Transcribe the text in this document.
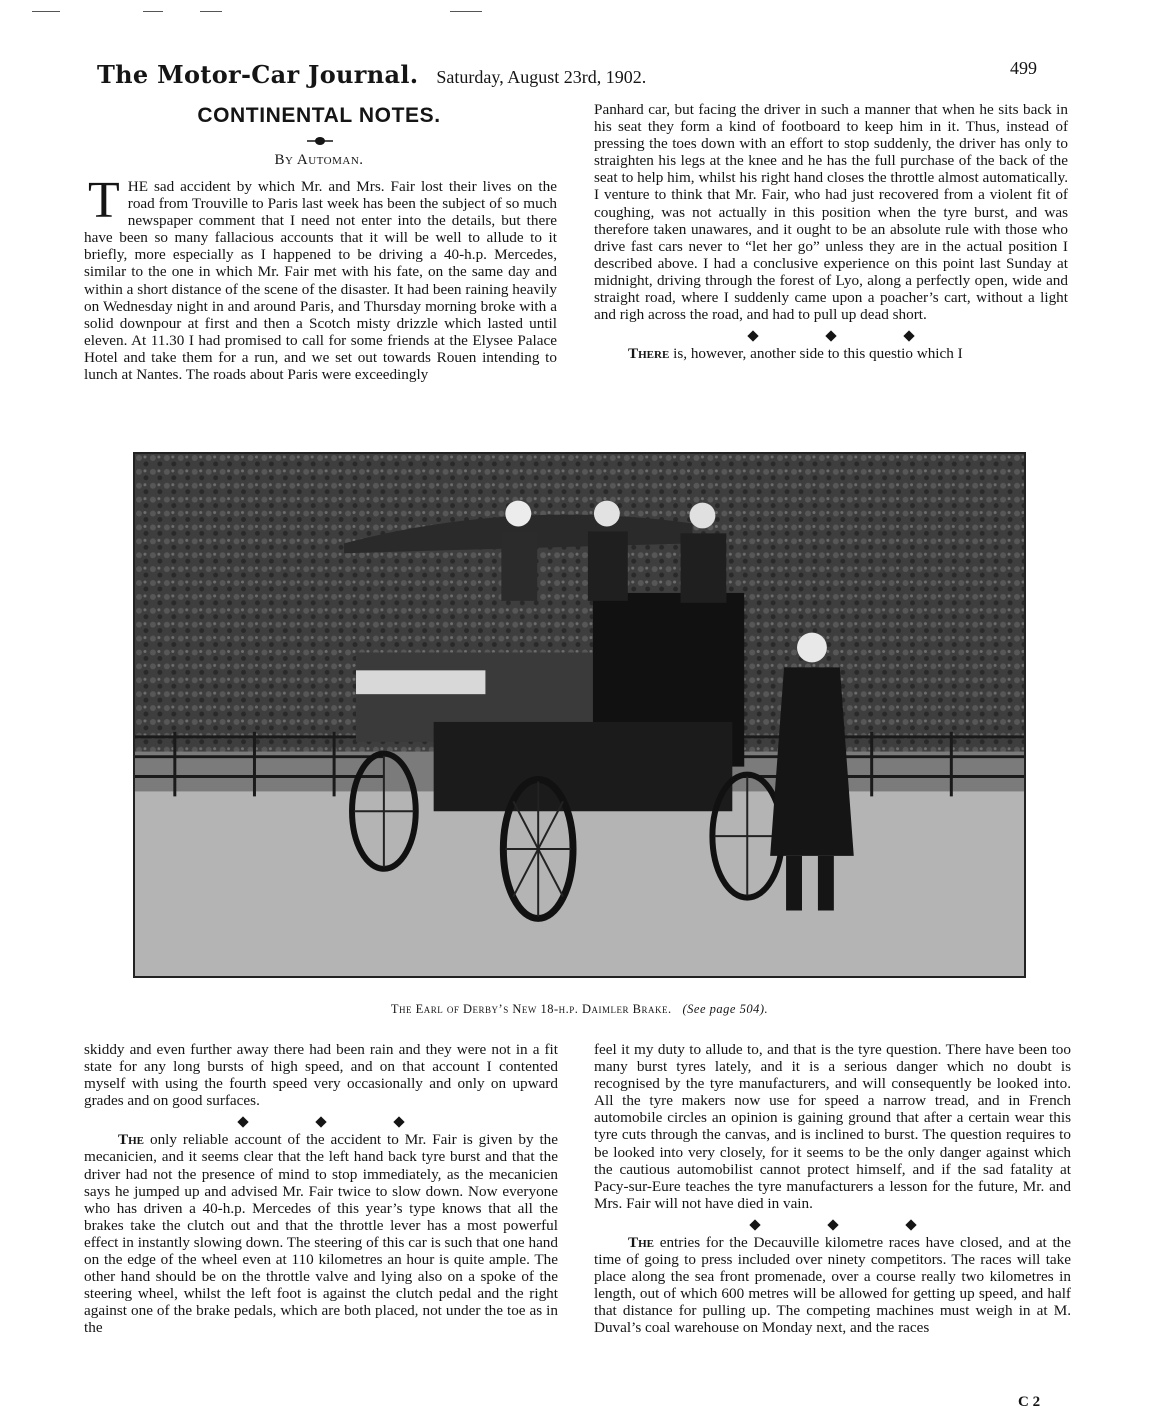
The Motor-Car Journal. Saturday, August 23rd, 1902.	499
CONTINENTAL NOTES.
By Automan.

THE sad accident by which Mr. and Mrs. Fair lost their lives on the road from Trouville to Paris last week has been the subject of so much newspaper comment that I need not enter into the details, but there have been so many fallacious accounts that it will be well to allude to it briefly, more especially as I happened to be driving a 40-h.p. Mercedes, similar to the one in which Mr. Fair met with his fate, on the same day and within a short distance of the scene of the disaster. It had been raining heavily on Wednesday night in and around Paris, and Thursday morning broke with a solid downpour at first and then a Scotch misty drizzle which lasted until eleven. At 11.30 I had promised to call for some friends at the Elysee Palace Hotel and take them for a run, and we set out towards Rouen intending to lunch at Nantes. The roads about Paris were exceedingly

Panhard car, but facing the driver in such a manner that when he sits back in his seat they form a kind of footboard to keep him in it. Thus, instead of pressing the toes down with an effort to stop suddenly, the driver has only to straighten his legs at the knee and he has the full purchase of the back of the seat to help him, whilst his right hand closes the throttle almost automatically. I venture to think that Mr. Fair, who had just recovered from a violent fit of coughing, was not actually in this position when the tyre burst, and was therefore taken unawares, and it ought to be an absolute rule with those who drive fast cars never to “let her go” unless they are in the actual position I described above. I had a conclusive experience on this point last Sunday at midnight, driving through the forest of Lyo, along a perfectly open, wide and straight road, where I suddenly came upon a poacher’s cart, without a light and righ across the road, and had to pull up dead short.

There is, however, another side to this questio which I

The Earl of Derby’s New 18-h.p. Daimler Brake. (See page 504).

skiddy and even further away there had been rain and they were not in a fit state for any long bursts of high speed, and on that account I contented myself with using the fourth speed very occasionally and only on upward grades and on good surfaces.

The only reliable account of the accident to Mr. Fair is given by the mecanicien, and it seems clear that the left hand back tyre burst and that the driver had not the presence of mind to stop immediately, as the mecanicien says he jumped up and advised Mr. Fair twice to slow down. Now everyone who has driven a 40-h.p. Mercedes of this year’s type knows that all the brakes take the clutch out and that the throttle lever has a most powerful effect in instantly slowing down. The steering of this car is such that one hand on the edge of the wheel even at 110 kilometres an hour is quite ample. The other hand should be on the throttle valve and lying also on a spoke of the steering wheel, whilst the left foot is against the clutch pedal and the right against one of the brake pedals, which are both placed, not under the toe as in the

feel it my duty to allude to, and that is the tyre question. There have been too many burst tyres lately, and it is a serious danger which no doubt is recognised by the tyre manufacturers, and will consequently be looked into. All the tyre makers now use for speed a narrow tread, and in French automobile circles an opinion is gaining ground that after a certain wear this tyre cuts through the canvas, and is inclined to burst. The question requires to be looked into very closely, for it seems to be the only danger against which the cautious automobilist cannot protect himself, and if the sad fatality at Pacy-sur-Eure teaches the tyre manufacturers a lesson for the future, Mr. and Mrs. Fair will not have died in vain.

The entries for the Decauville kilometre races have closed, and at the time of going to press included over ninety competitors. The races will take place along the sea front promenade, over a course really two kilometres in length, out of which 600 metres will be allowed for getting up speed, and half that distance for pulling up. The competing machines must weigh in at M. Duval’s coal warehouse on Monday next, and the races

C 2
